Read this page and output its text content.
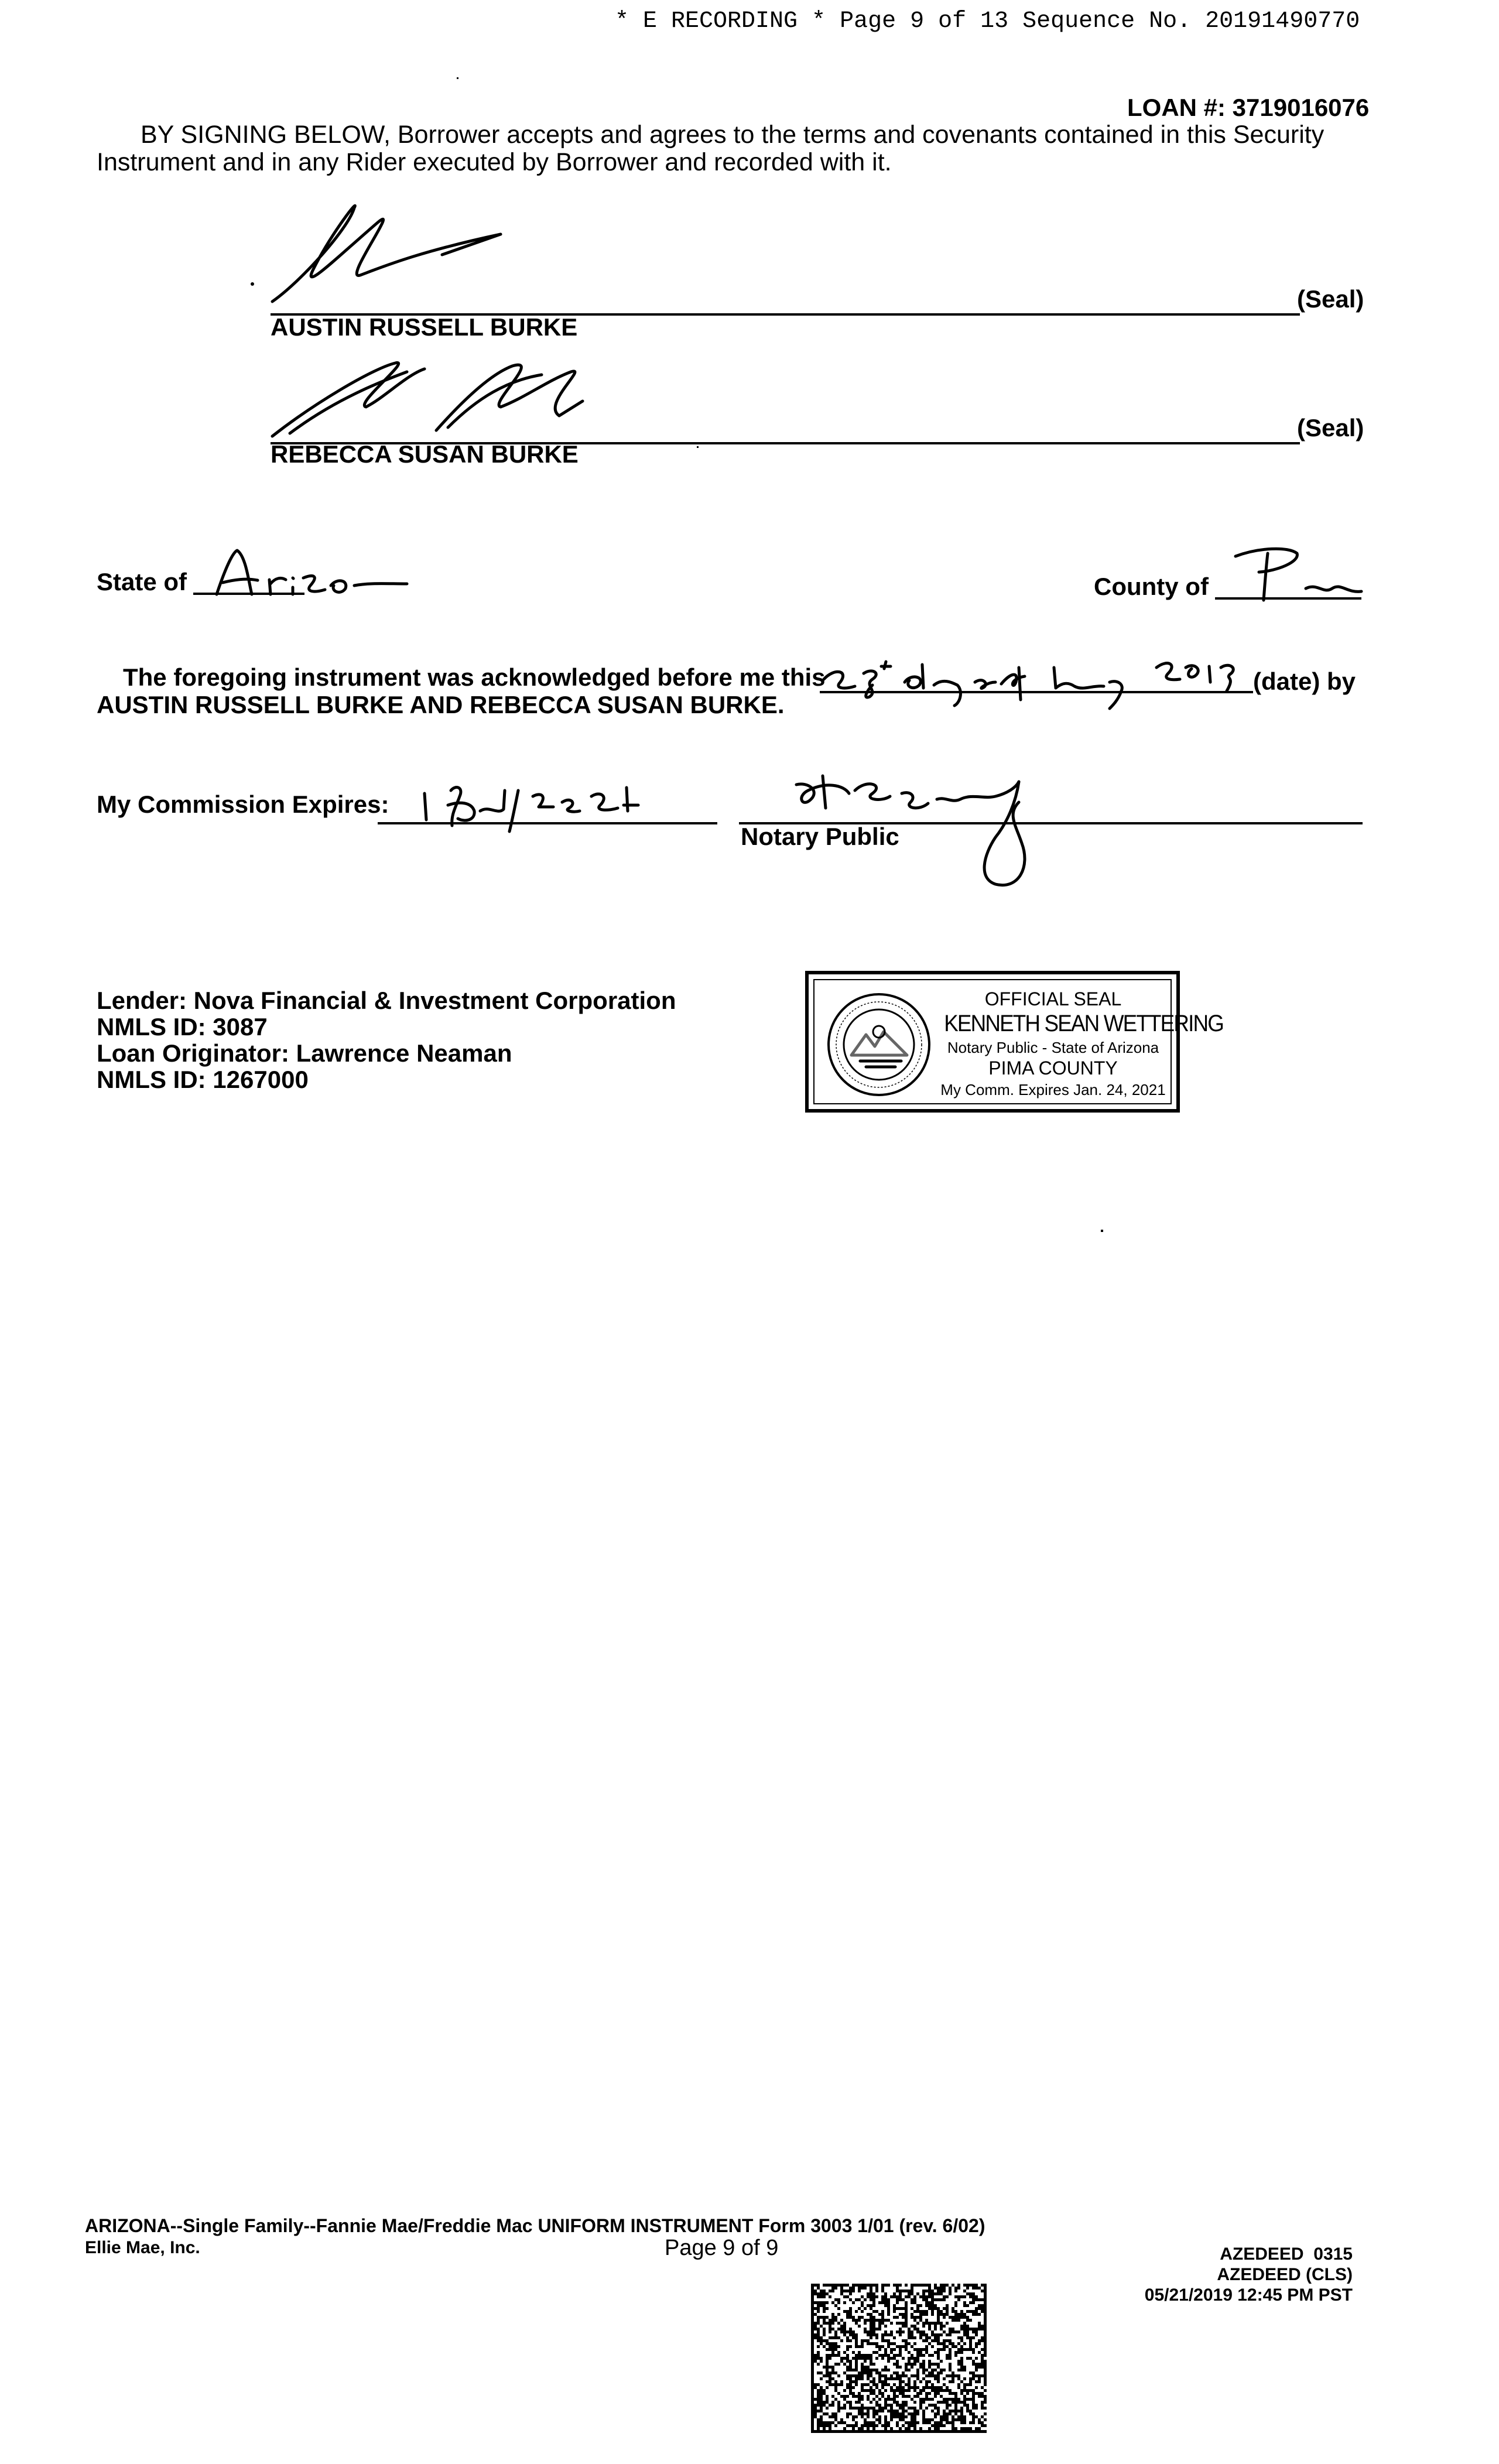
* E RECORDING * Page 9 of 13 Sequence No. 20191490770
LOAN #: 3719016076
BY SIGNING BELOW, Borrower accepts and agrees to the terms and covenants contained in this Security
Instrument and in any Rider executed by Borrower and recorded with it.
AUSTIN RUSSELL BURKE
(Seal)
REBECCA SUSAN BURKE
(Seal)
State of	County of
The foregoing instrument was acknowledged before me this	(date) by
AUSTIN RUSSELL BURKE AND REBECCA SUSAN BURKE.
My Commission Expires:
Notary Public
Lender: Nova Financial & Investment Corporation
NMLS ID: 3087
Loan Originator: Lawrence Neaman
NMLS ID: 1267000
OFFICIAL SEAL
KENNETH SEAN WETTERING
Notary Public - State of Arizona
PIMA COUNTY
My Comm. Expires Jan. 24, 2021
ARIZONA--Single Family--Fannie Mae/Freddie Mac UNIFORM INSTRUMENT Form 3003 1/01 (rev. 6/02)
Ellie Mae, Inc.	Page 9 of 9	AZEDEED  0315
AZEDEED (CLS)
05/21/2019 12:45 PM PST
